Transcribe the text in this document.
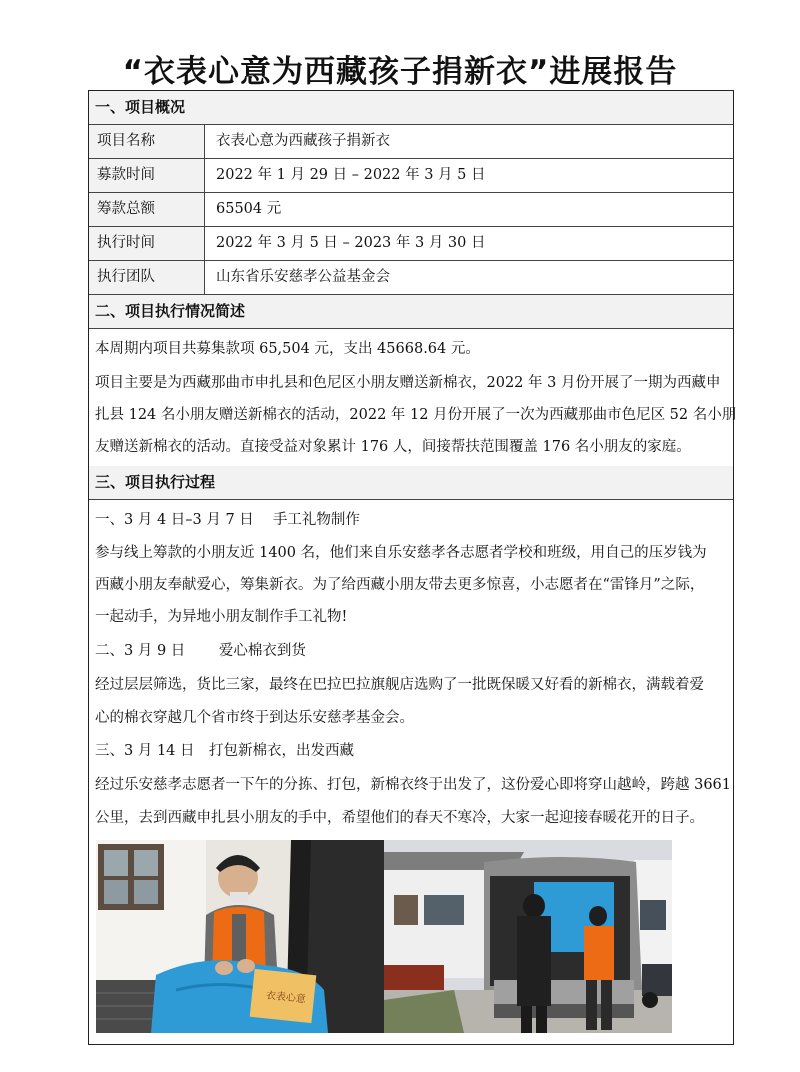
“衣表心意为西藏孩子捐新衣”进展报告
一、项目概况
项目名称	衣表心意为西藏孩子捐新衣
募款时间	2022 年 1 月 29 日 – 2022 年 3 月 5 日
筹款总额	65504 元
执行时间	2022 年 3 月 5 日 – 2023 年 3 月 30 日
执行团队	山东省乐安慈孝公益基金会
二、项目执行情况简述
本周期内项目共募集款项 65,504 元，支出 45668.64 元。
项目主要是为西藏那曲市申扎县和色尼区小朋友赠送新棉衣，2022 年 3 月份开展了一期为西藏申
扎县 124 名小朋友赠送新棉衣的活动，2022 年 12 月份开展了一次为西藏那曲市色尼区 52 名小朋
友赠送新棉衣的活动。直接受益对象累计 176 人，间接帮扶范围覆盖 176 名小朋友的家庭。
三、项目执行过程
一、3 月 4 日–3 月 7 日　 手工礼物制作
参与线上筹款的小朋友近 1400 名，他们来自乐安慈孝各志愿者学校和班级，用自己的压岁钱为
西藏小朋友奉献爱心，筹集新衣。为了给西藏小朋友带去更多惊喜，小志愿者在“雷锋月”之际，
一起动手，为异地小朋友制作手工礼物!
二、3 月 9 日　　 爱心棉衣到货
经过层层筛选，货比三家，最终在巴拉巴拉旗舰店选购了一批既保暖又好看的新棉衣，满载着爱
心的棉衣穿越几个省市终于到达乐安慈孝基金会。
三、3 月 14 日　打包新棉衣，出发西藏
经过乐安慈孝志愿者一下午的分拣、打包，新棉衣终于出发了，这份爱心即将穿山越岭，跨越 3661
公里，去到西藏申扎县小朋友的手中，希望他们的春天不寒冷，大家一起迎接春暖花开的日子。
衣表心意
